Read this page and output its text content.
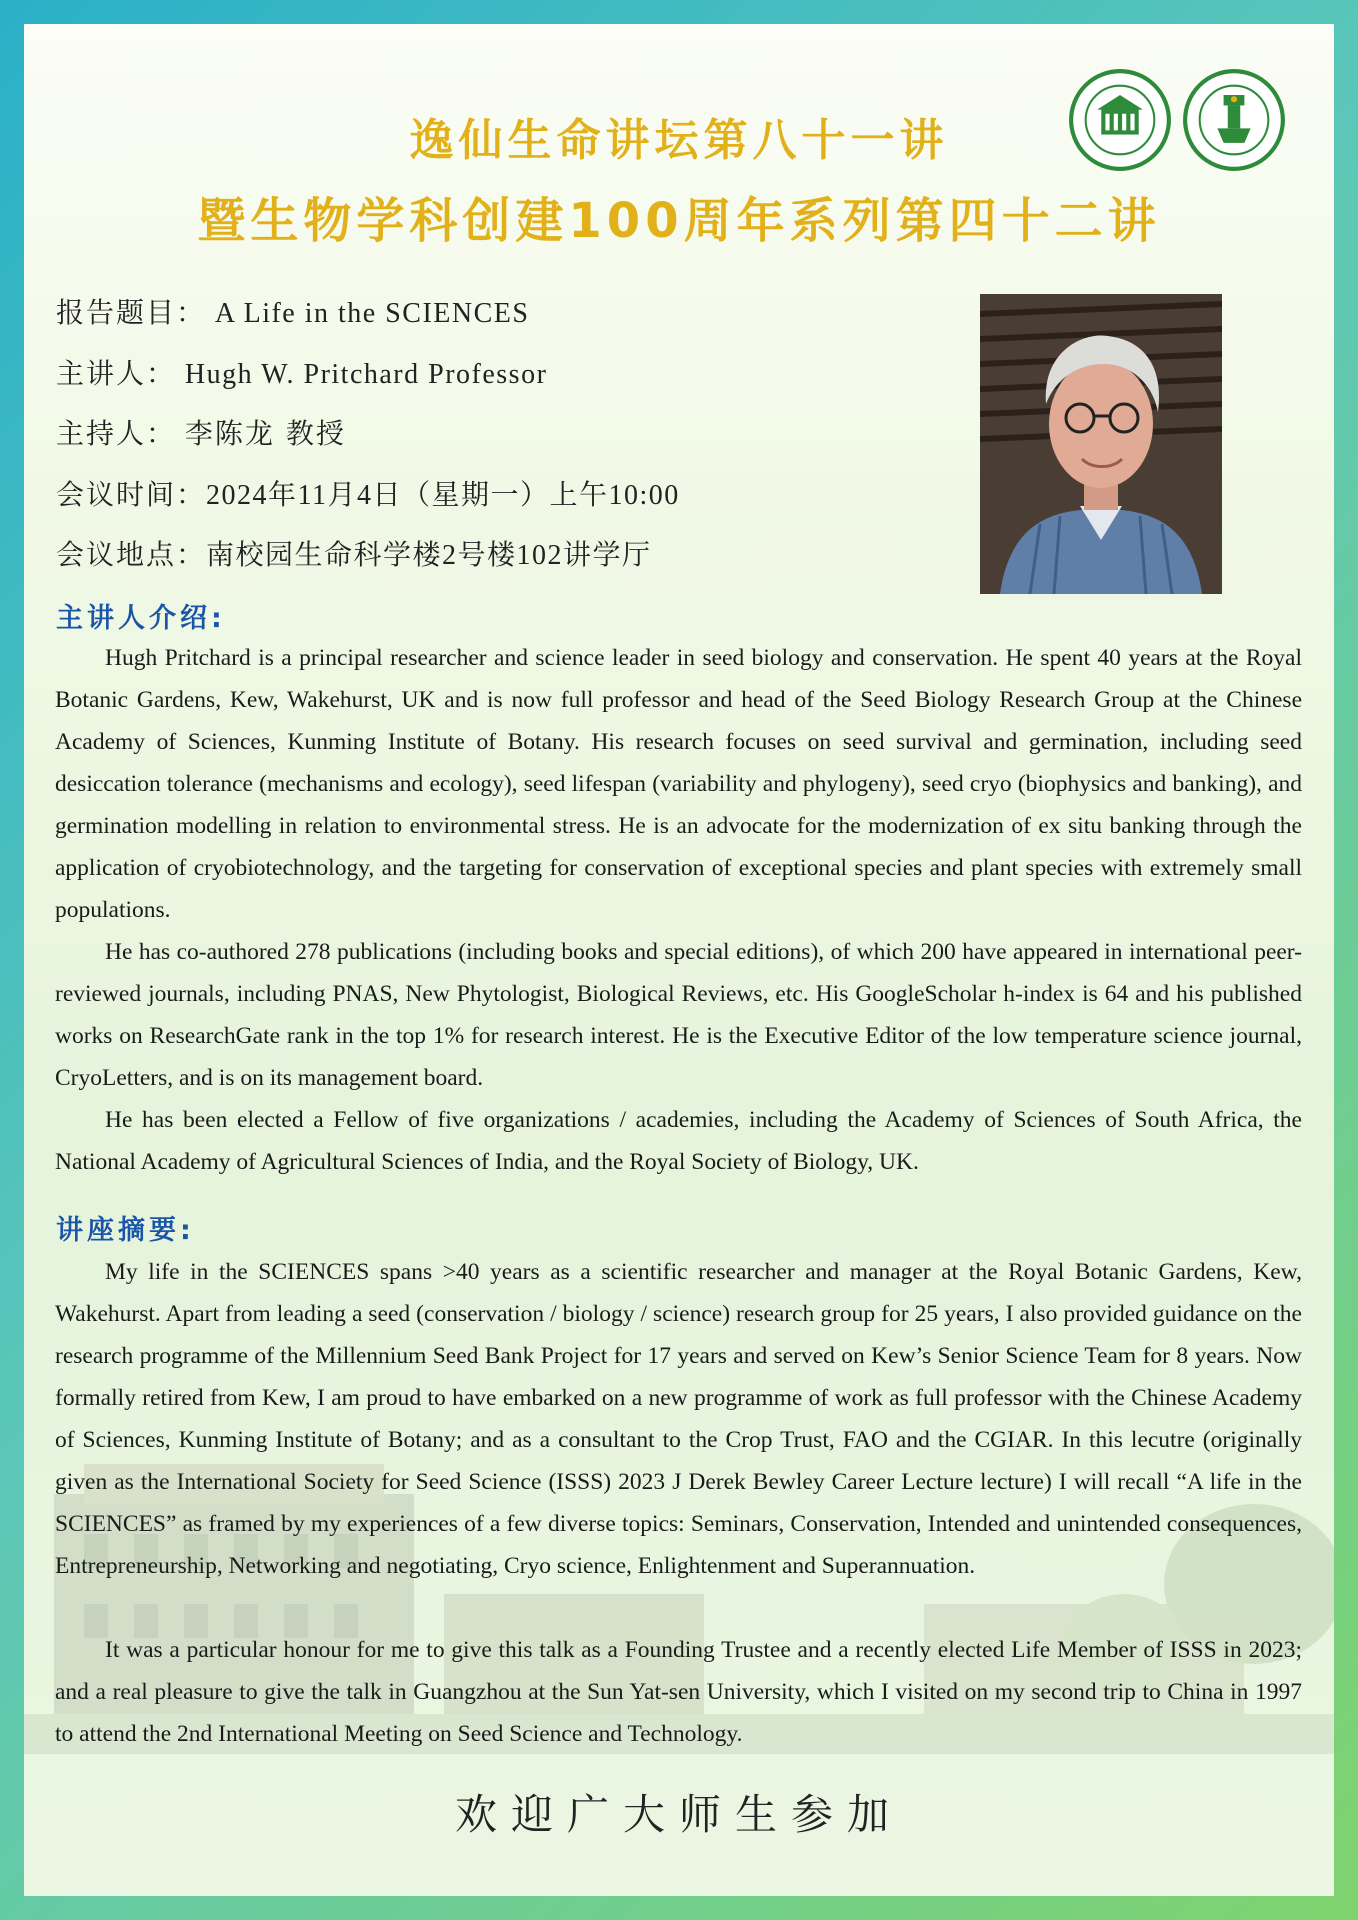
逸仙生命讲坛第八十一讲
暨生物学科创建100周年系列第四十二讲
报告题目： A Life in the SCIENCES
主讲人： Hugh W. Pritchard Professor
主持人： 李陈龙 教授
会议时间：2024年11月4日（星期一）上午10:00
会议地点：南校园生命科学楼2号楼102讲学厅
主讲人介绍:

Hugh Pritchard is a principal researcher and science leader in seed biology and conservation. He spent 40 years at the Royal Botanic Gardens, Kew, Wakehurst, UK and is now full professor and head of the Seed Biology Research Group at the Chinese Academy of Sciences, Kunming Institute of Botany. His research focuses on seed survival and germination, including seed desiccation tolerance (mechanisms and ecology), seed lifespan (variability and phylogeny), seed cryo (biophysics and banking), and germination modelling in relation to environmental stress. He is an advocate for the modernization of ex situ banking through the application of cryobiotechnology, and the targeting for conservation of exceptional species and plant species with extremely small populations.

He has co-authored 278 publications (including books and special editions), of which 200 have appeared in international peer-reviewed journals, including PNAS, New Phytologist, Biological Reviews, etc. His GoogleScholar h-index is 64 and his published works on ResearchGate rank in the top 1% for research interest. He is the Executive Editor of the low temperature science journal, CryoLetters, and is on its management board.

He has been elected a Fellow of five organizations / academies, including the Academy of Sciences of South Africa, the National Academy of Agricultural Sciences of India, and the Royal Society of Biology, UK.

讲座摘要:

My life in the SCIENCES spans >40 years as a scientific researcher and manager at the Royal Botanic Gardens, Kew, Wakehurst. Apart from leading a seed (conservation / biology / science) research group for 25 years, I also provided guidance on the research programme of the Millennium Seed Bank Project for 17 years and served on Kew’s Senior Science Team for 8 years. Now formally retired from Kew, I am proud to have embarked on a new programme of work as full professor with the Chinese Academy of Sciences, Kunming Institute of Botany; and as a consultant to the Crop Trust, FAO and the CGIAR. In this lecutre (originally given as the International Society for Seed Science (ISSS) 2023 J Derek Bewley Career Lecture lecture) I will recall “A life in the SCIENCES” as framed by my experiences of a few diverse topics: Seminars, Conservation, Intended and unintended consequences, Entrepreneurship, Networking and negotiating, Cryo science, Enlightenment and Superannuation.

It was a particular honour for me to give this talk as a Founding Trustee and a recently elected Life Member of ISSS in 2023; and a real pleasure to give the talk in Guangzhou at the Sun Yat-sen University, which I visited on my second trip to China in 1997 to attend the 2nd International Meeting on Seed Science and Technology.

欢迎广大师生参加
